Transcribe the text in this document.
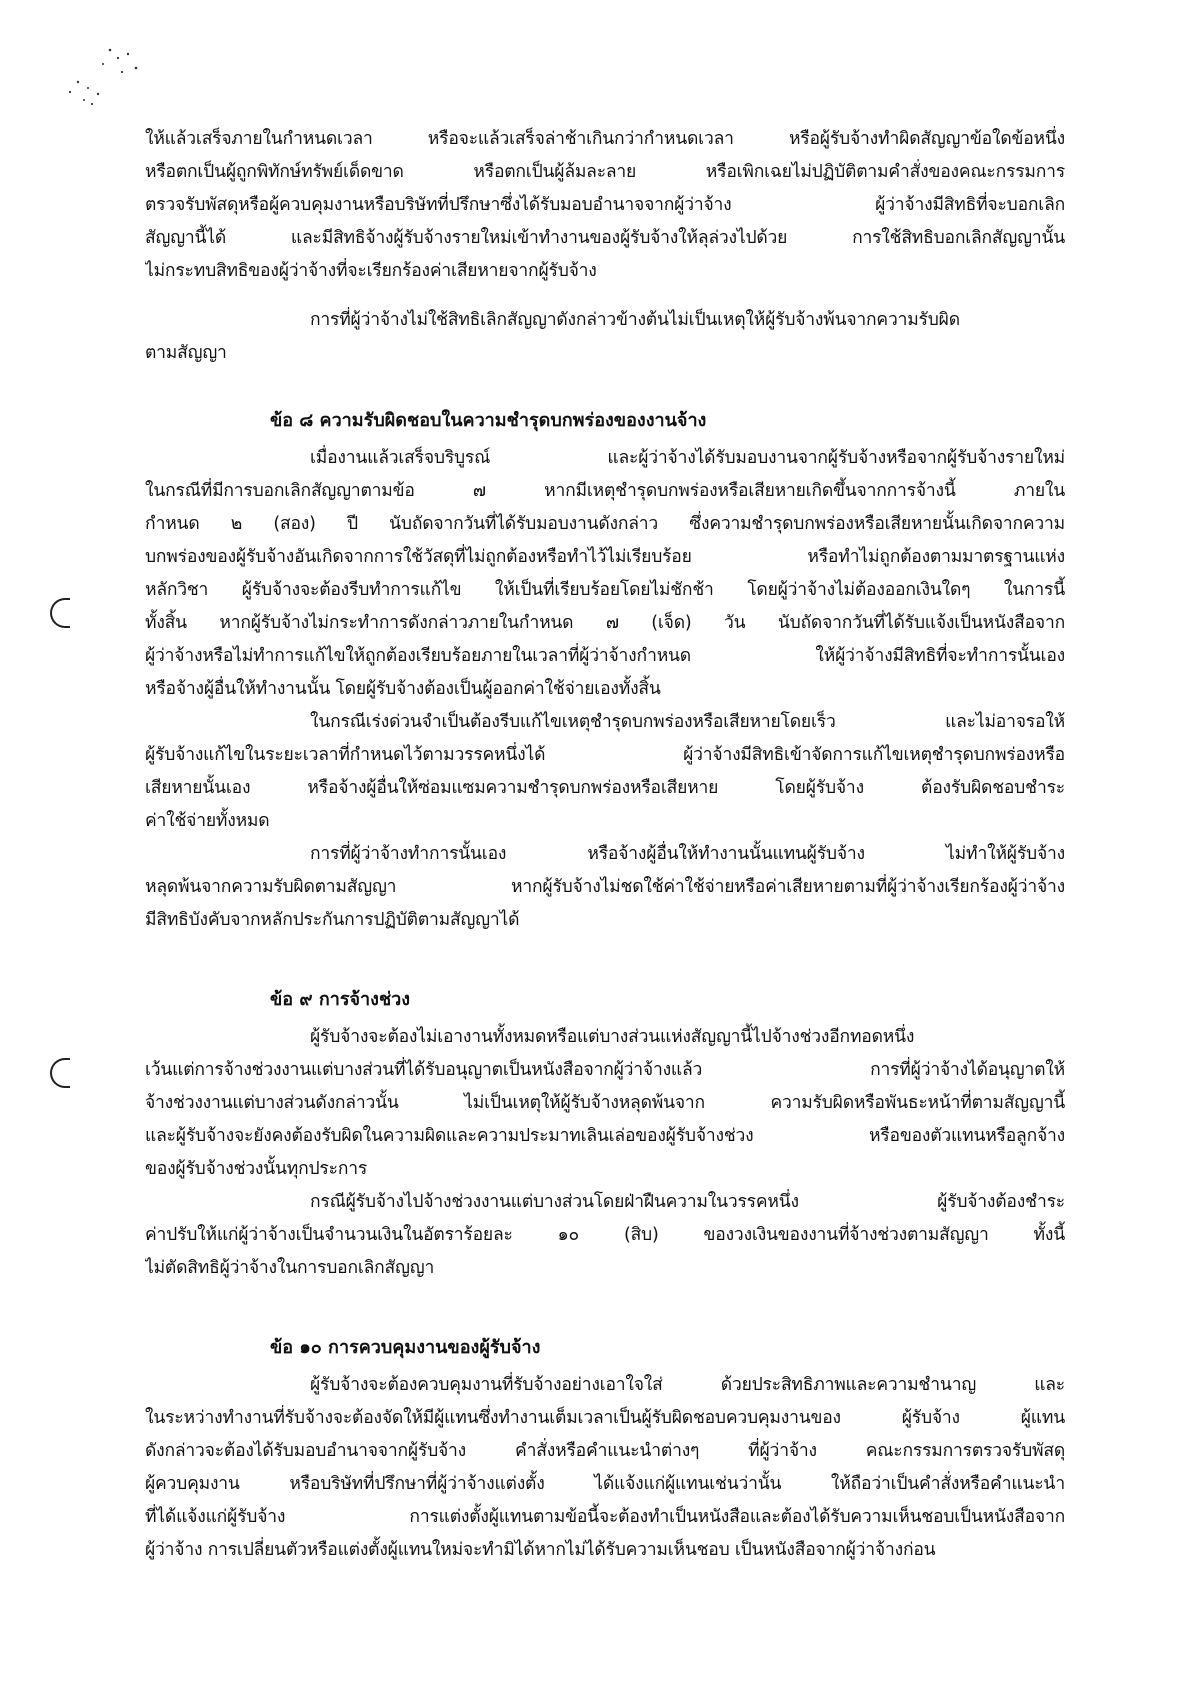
ให้แล้วเสร็จภายในกำหนดเวลา หรือจะแล้วเสร็จล่าช้าเกินกว่ากำหนดเวลา หรือผู้รับจ้างทำผิดสัญญาข้อใดข้อหนึ่ง
หรือตกเป็นผู้ถูกพิทักษ์ทรัพย์เด็ดขาด หรือตกเป็นผู้ล้มละลาย หรือเพิกเฉยไม่ปฏิบัติตามคำสั่งของคณะกรรมการ
ตรวจรับพัสดุหรือผู้ควบคุมงานหรือบริษัทที่ปรึกษาซึ่งได้รับมอบอำนาจจากผู้ว่าจ้าง ผู้ว่าจ้างมีสิทธิที่จะบอกเลิก
สัญญานี้ได้ และมีสิทธิจ้างผู้รับจ้างรายใหม่เข้าทำงานของผู้รับจ้างให้ลุล่วงไปด้วย การใช้สิทธิบอกเลิกสัญญานั้น
ไม่กระทบสิทธิของผู้ว่าจ้างที่จะเรียกร้องค่าเสียหายจากผู้รับจ้าง
การที่ผู้ว่าจ้างไม่ใช้สิทธิเลิกสัญญาดังกล่าวข้างต้นไม่เป็นเหตุให้ผู้รับจ้างพ้นจากความรับผิด
ตามสัญญา
ข้อ ๘ ความรับผิดชอบในความชำรุดบกพร่องของงานจ้าง
เมื่องานแล้วเสร็จบริบูรณ์ และผู้ว่าจ้างได้รับมอบงานจากผู้รับจ้างหรือจากผู้รับจ้างรายใหม่
ในกรณีที่มีการบอกเลิกสัญญาตามข้อ ๗ หากมีเหตุชำรุดบกพร่องหรือเสียหายเกิดขึ้นจากการจ้างนี้ ภายใน
กำหนด ๒ (สอง) ปี นับถัดจากวันที่ได้รับมอบงานดังกล่าว ซึ่งความชำรุดบกพร่องหรือเสียหายนั้นเกิดจากความ
บกพร่องของผู้รับจ้างอันเกิดจากการใช้วัสดุที่ไม่ถูกต้องหรือทำไว้ไม่เรียบร้อย หรือทำไม่ถูกต้องตามมาตรฐานแห่ง
หลักวิชา ผู้รับจ้างจะต้องรีบทำการแก้ไข ให้เป็นที่เรียบร้อยโดยไม่ชักช้า โดยผู้ว่าจ้างไม่ต้องออกเงินใดๆ ในการนี้
ทั้งสิ้น หากผู้รับจ้างไม่กระทำการดังกล่าวภายในกำหนด ๗ (เจ็ด) วัน นับถัดจากวันที่ได้รับแจ้งเป็นหนังสือจาก
ผู้ว่าจ้างหรือไม่ทำการแก้ไขให้ถูกต้องเรียบร้อยภายในเวลาที่ผู้ว่าจ้างกำหนด ให้ผู้ว่าจ้างมีสิทธิที่จะทำการนั้นเอง
หรือจ้างผู้อื่นให้ทำงานนั้น โดยผู้รับจ้างต้องเป็นผู้ออกค่าใช้จ่ายเองทั้งสิ้น
ในกรณีเร่งด่วนจำเป็นต้องรีบแก้ไขเหตุชำรุดบกพร่องหรือเสียหายโดยเร็ว และไม่อาจรอให้
ผู้รับจ้างแก้ไขในระยะเวลาที่กำหนดไว้ตามวรรคหนึ่งได้ ผู้ว่าจ้างมีสิทธิเข้าจัดการแก้ไขเหตุชำรุดบกพร่องหรือ
เสียหายนั้นเอง หรือจ้างผู้อื่นให้ซ่อมแซมความชำรุดบกพร่องหรือเสียหาย โดยผู้รับจ้าง ต้องรับผิดชอบชำระ
ค่าใช้จ่ายทั้งหมด
การที่ผู้ว่าจ้างทำการนั้นเอง หรือจ้างผู้อื่นให้ทำงานนั้นแทนผู้รับจ้าง ไม่ทำให้ผู้รับจ้าง
หลุดพ้นจากความรับผิดตามสัญญา หากผู้รับจ้างไม่ชดใช้ค่าใช้จ่ายหรือค่าเสียหายตามที่ผู้ว่าจ้างเรียกร้องผู้ว่าจ้าง
มีสิทธิบังคับจากหลักประกันการปฏิบัติตามสัญญาได้
ข้อ ๙ การจ้างช่วง
ผู้รับจ้างจะต้องไม่เอางานทั้งหมดหรือแต่บางส่วนแห่งสัญญานี้ไปจ้างช่วงอีกทอดหนึ่ง
เว้นแต่การจ้างช่วงงานแต่บางส่วนที่ได้รับอนุญาตเป็นหนังสือจากผู้ว่าจ้างแล้ว การที่ผู้ว่าจ้างได้อนุญาตให้
จ้างช่วงงานแต่บางส่วนดังกล่าวนั้น ไม่เป็นเหตุให้ผู้รับจ้างหลุดพ้นจาก ความรับผิดหรือพันธะหน้าที่ตามสัญญานี้
และผู้รับจ้างจะยังคงต้องรับผิดในความผิดและความประมาทเลินเล่อของผู้รับจ้างช่วง หรือของตัวแทนหรือลูกจ้าง
ของผู้รับจ้างช่วงนั้นทุกประการ
กรณีผู้รับจ้างไปจ้างช่วงงานแต่บางส่วนโดยฝ่าฝืนความในวรรคหนึ่ง ผู้รับจ้างต้องชำระ
ค่าปรับให้แก่ผู้ว่าจ้างเป็นจำนวนเงินในอัตราร้อยละ ๑๐ (สิบ) ของวงเงินของงานที่จ้างช่วงตามสัญญา ทั้งนี้
ไม่ตัดสิทธิผู้ว่าจ้างในการบอกเลิกสัญญา
ข้อ ๑๐ การควบคุมงานของผู้รับจ้าง
ผู้รับจ้างจะต้องควบคุมงานที่รับจ้างอย่างเอาใจใส่ ด้วยประสิทธิภาพและความชำนาญ และ
ในระหว่างทำงานที่รับจ้างจะต้องจัดให้มีผู้แทนซึ่งทำงานเต็มเวลาเป็นผู้รับผิดชอบควบคุมงานของ ผู้รับจ้าง ผู้แทน
ดังกล่าวจะต้องได้รับมอบอำนาจจากผู้รับจ้าง คำสั่งหรือคำแนะนำต่างๆ ที่ผู้ว่าจ้าง คณะกรรมการตรวจรับพัสดุ
ผู้ควบคุมงาน หรือบริษัทที่ปรึกษาที่ผู้ว่าจ้างแต่งตั้ง ได้แจ้งแก่ผู้แทนเช่นว่านั้น ให้ถือว่าเป็นคำสั่งหรือคำแนะนำ
ที่ได้แจ้งแก่ผู้รับจ้าง การแต่งตั้งผู้แทนตามข้อนี้จะต้องทำเป็นหนังสือและต้องได้รับความเห็นชอบเป็นหนังสือจาก
ผู้ว่าจ้าง การเปลี่ยนตัวหรือแต่งตั้งผู้แทนใหม่จะทำมิได้หากไม่ได้รับความเห็นชอบ เป็นหนังสือจากผู้ว่าจ้างก่อน
